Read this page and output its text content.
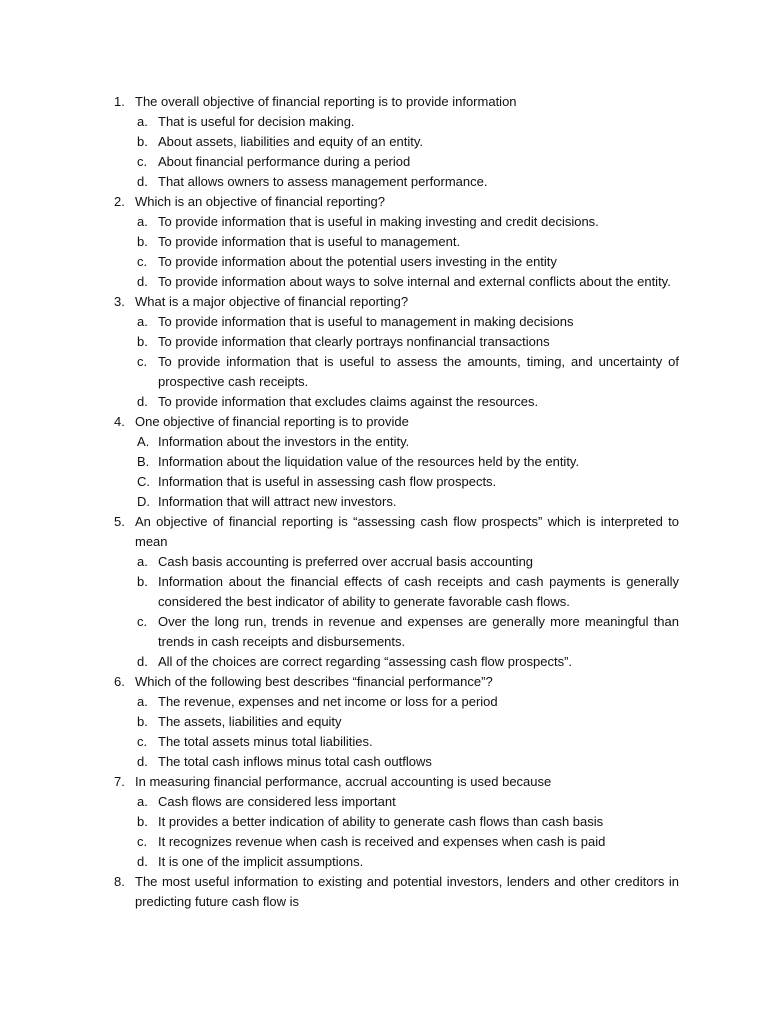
1. The overall objective of financial reporting is to provide information
a. That is useful for decision making.
b. About assets, liabilities and equity of an entity.
c. About financial performance during a period
d. That allows owners to assess management performance.
2. Which is an objective of financial reporting?
a. To provide information that is useful in making investing and credit decisions.
b. To provide information that is useful to management.
c. To provide information about the potential users investing in the entity
d. To provide information about ways to solve internal and external conflicts about the entity.
3. What is a major objective of financial reporting?
a. To provide information that is useful to management in making decisions
b. To provide information that clearly portrays nonfinancial transactions
c. To provide information that is useful to assess the amounts, timing, and uncertainty of prospective cash receipts.
d. To provide information that excludes claims against the resources.
4. One objective of financial reporting is to provide
A. Information about the investors in the entity.
B. Information about the liquidation value of the resources held by the entity.
C. Information that is useful in assessing cash flow prospects.
D. Information that will attract new investors.
5. An objective of financial reporting is “assessing cash flow prospects” which is interpreted to mean
a. Cash basis accounting is preferred over accrual basis accounting
b. Information about the financial effects of cash receipts and cash payments is generally considered the best indicator of ability to generate favorable cash flows.
c. Over the long run, trends in revenue and expenses are generally more meaningful than trends in cash receipts and disbursements.
d. All of the choices are correct regarding “assessing cash flow prospects”.
6. Which of the following best describes “financial performance”?
a. The revenue, expenses and net income or loss for a period
b. The assets, liabilities and equity
c. The total assets minus total liabilities.
d. The total cash inflows minus total cash outflows
7. In measuring financial performance, accrual accounting is used because
a. Cash flows are considered less important
b. It provides a better indication of ability to generate cash flows than cash basis
c. It recognizes revenue when cash is received and expenses when cash is paid
d. It is one of the implicit assumptions.
8. The most useful information to existing and potential investors, lenders and other creditors in predicting future cash flow is
